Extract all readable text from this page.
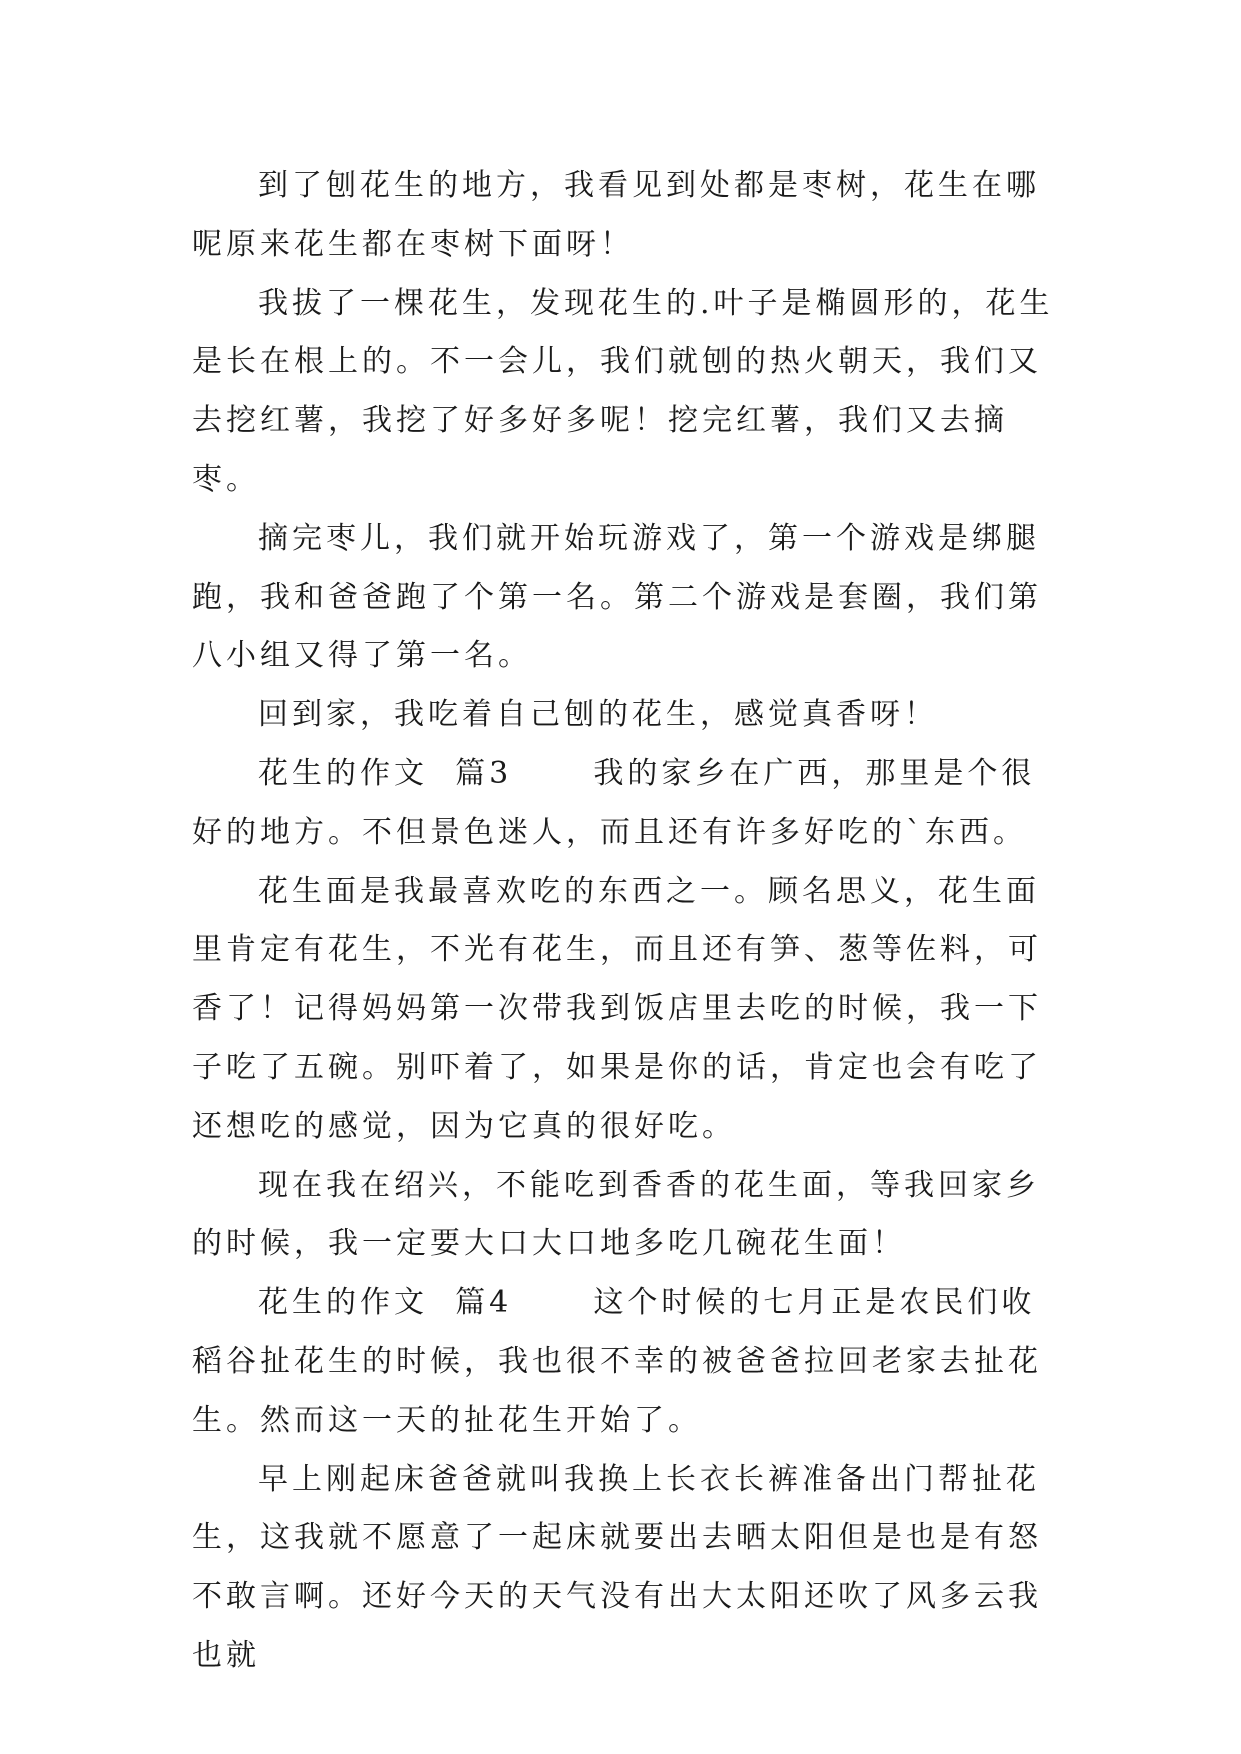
到了刨花生的地方，我看见到处都是枣树，花生在哪呢原来花生都在枣树下面呀！

我拔了一棵花生，发现花生的.叶子是椭圆形的，花生是长在根上的。不一会儿，我们就刨的热火朝天，我们又去挖红薯，我挖了好多好多呢！挖完红薯，我们又去摘枣。

摘完枣儿，我们就开始玩游戏了，第一个游戏是绑腿跑，我和爸爸跑了个第一名。第二个游戏是套圈，我们第八小组又得了第一名。

回到家，我吃着自己刨的花生，感觉真香呀！

花生的作文  篇3      我的家乡在广西，那里是个很好的地方。不但景色迷人，而且还有许多好吃的`东西。

花生面是我最喜欢吃的东西之一。顾名思义，花生面里肯定有花生，不光有花生，而且还有笋、葱等佐料，可香了！记得妈妈第一次带我到饭店里去吃的时候，我一下子吃了五碗。别吓着了，如果是你的话，肯定也会有吃了还想吃的感觉，因为它真的很好吃。

现在我在绍兴，不能吃到香香的花生面，等我回家乡的时候，我一定要大口大口地多吃几碗花生面！

花生的作文  篇4      这个时候的七月正是农民们收稻谷扯花生的时候，我也很不幸的被爸爸拉回老家去扯花生。然而这一天的扯花生开始了。

早上刚起床爸爸就叫我换上长衣长裤准备出门帮扯花生，这我就不愿意了一起床就要出去晒太阳但是也是有怒不敢言啊。还好今天的天气没有出大太阳还吹了风多云我也就
